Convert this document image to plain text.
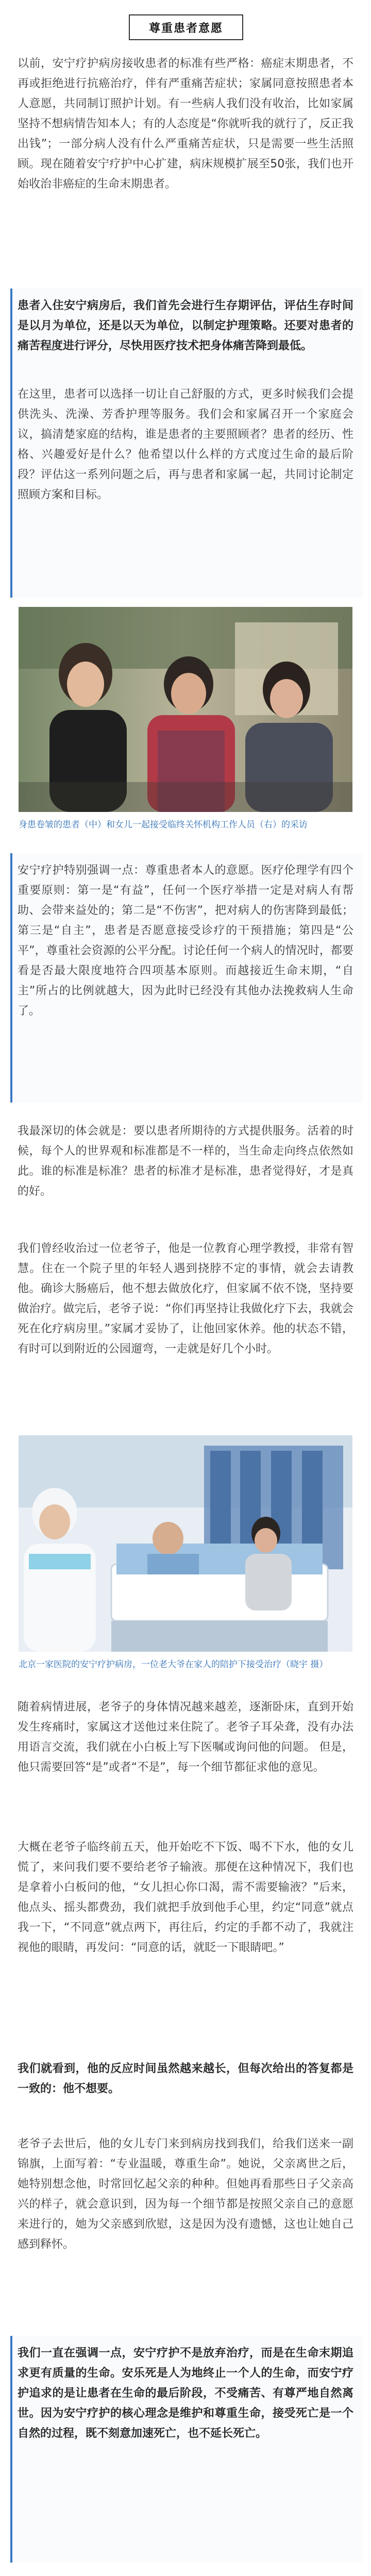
尊重患者意愿

以前，安宁疗护病房接收患者的标准有些严格：癌症末期患者，不再或拒绝进行抗癌治疗，伴有严重痛苦症状；家属同意按照患者本人意愿，共同制订照护计划。有一些病人我们没有收治，比如家属坚持不想病情告知本人；有的人态度是“你就听我的就行了，反正我出钱”；一部分病人没有什么严重痛苦症状，只是需要一些生活照顾。现在随着安宁疗护中心扩建，病床规模扩展至50张，我们也开始收治非癌症的生命末期患者。

患者入住安宁病房后，我们首先会进行生存期评估，评估生存时间是以月为单位，还是以天为单位，以制定护理策略。还要对患者的痛苦程度进行评分，尽快用医疗技术把身体痛苦降到最低。

在这里，患者可以选择一切让自己舒服的方式，更多时候我们会提供洗头、洗澡、芳香护理等服务。我们会和家属召开一个家庭会议，搞清楚家庭的结构，谁是患者的主要照顾者？患者的经历、性格、兴趣爱好是什么？他希望以什么样的方式度过生命的最后阶段？评估这一系列问题之后，再与患者和家属一起，共同讨论制定照顾方案和目标。

身患卷皱的患者（中）和女儿一起接受临终关怀机构工作人员（右）的采访

安宁疗护特别强调一点：尊重患者本人的意愿。医疗伦理学有四个重要原则：第一是“有益”，任何一个医疗举措一定是对病人有帮助、会带来益处的；第二是“不伤害”，把对病人的伤害降到最低；第三是“自主”，患者是否愿意接受诊疗的干预措施；第四是“公平”，尊重社会资源的公平分配。讨论任何一个病人的情况时，都要看是否最大限度地符合四项基本原则。而越接近生命末期，“自主”所占的比例就越大，因为此时已经没有其他办法挽救病人生命了。

我最深切的体会就是：要以患者所期待的方式提供服务。活着的时候，每个人的世界观和标准都是不一样的，当生命走向终点依然如此。谁的标准是标准？患者的标准才是标准，患者觉得好，才是真的好。

我们曾经收治过一位老爷子，他是一位教育心理学教授，非常有智慧。住在一个院子里的年轻人遇到挠脖不定的事情，就会去请教他。确诊大肠癌后，他不想去做放化疗，但家属不依不饶，坚持要做治疗。做完后，老爷子说：“你们再坚持让我做化疗下去，我就会死在化疗病房里。”家属才妥协了，让他回家休养。他的状态不错，有时可以到附近的公园遛弯，一走就是好几个小时。

北京一家医院的安宁疗护病房，一位老大爷在家人的陪护下接受治疗（晓宇 摄）

随着病情进展，老爷子的身体情况越来越差，逐渐卧床，直到开始发生疼痛时，家属这才送他过来住院了。老爷子耳朵聋，没有办法用语言交流，我们就在小白板上写下医嘱或询问他的问题。 但是，他只需要回答“是”或者“不是”，每一个细节都征求他的意见。

大概在老爷子临终前五天，他开始吃不下饭、喝不下水，他的女儿慌了，来问我们要不要给老爷子输液。那便在这种情况下，我们也是拿着小白板问的他，“女儿担心你口渴，需不需要输液？”后来，他点头、摇头都费劲，我们就把手放到他手心里，约定“同意”就点我一下，“不同意”就点两下，再往后，约定的手都不动了，我就注视他的眼睛，再发问：“同意的话，就眨一下眼睛吧。”

我们就看到，他的反应时间虽然越来越长，但每次给出的答复都是一致的：他不想要。

老爷子去世后，他的女儿专门来到病房找到我们，给我们送来一副锦旗，上面写着：“专业温暖，尊重生命”。她说，父亲离世之后，她特别想念他，时常回忆起父亲的种种。但她再看那些日子父亲高兴的样子，就会意识到，因为每一个细节都是按照父亲自己的意愿来进行的，她为父亲感到欣慰，这是因为没有遗憾，这也让她自己感到释怀。

我们一直在强调一点，安宁疗护不是放弃治疗，而是在生命末期追求更有质量的生命。安乐死是人为地终止一个人的生命，而安宁疗护追求的是让患者在生命的最后阶段，不受痛苦、有尊严地自然离世。因为安宁疗护的核心理念是维护和尊重生命，接受死亡是一个自然的过程，既不刻意加速死亡，也不延长死亡。
